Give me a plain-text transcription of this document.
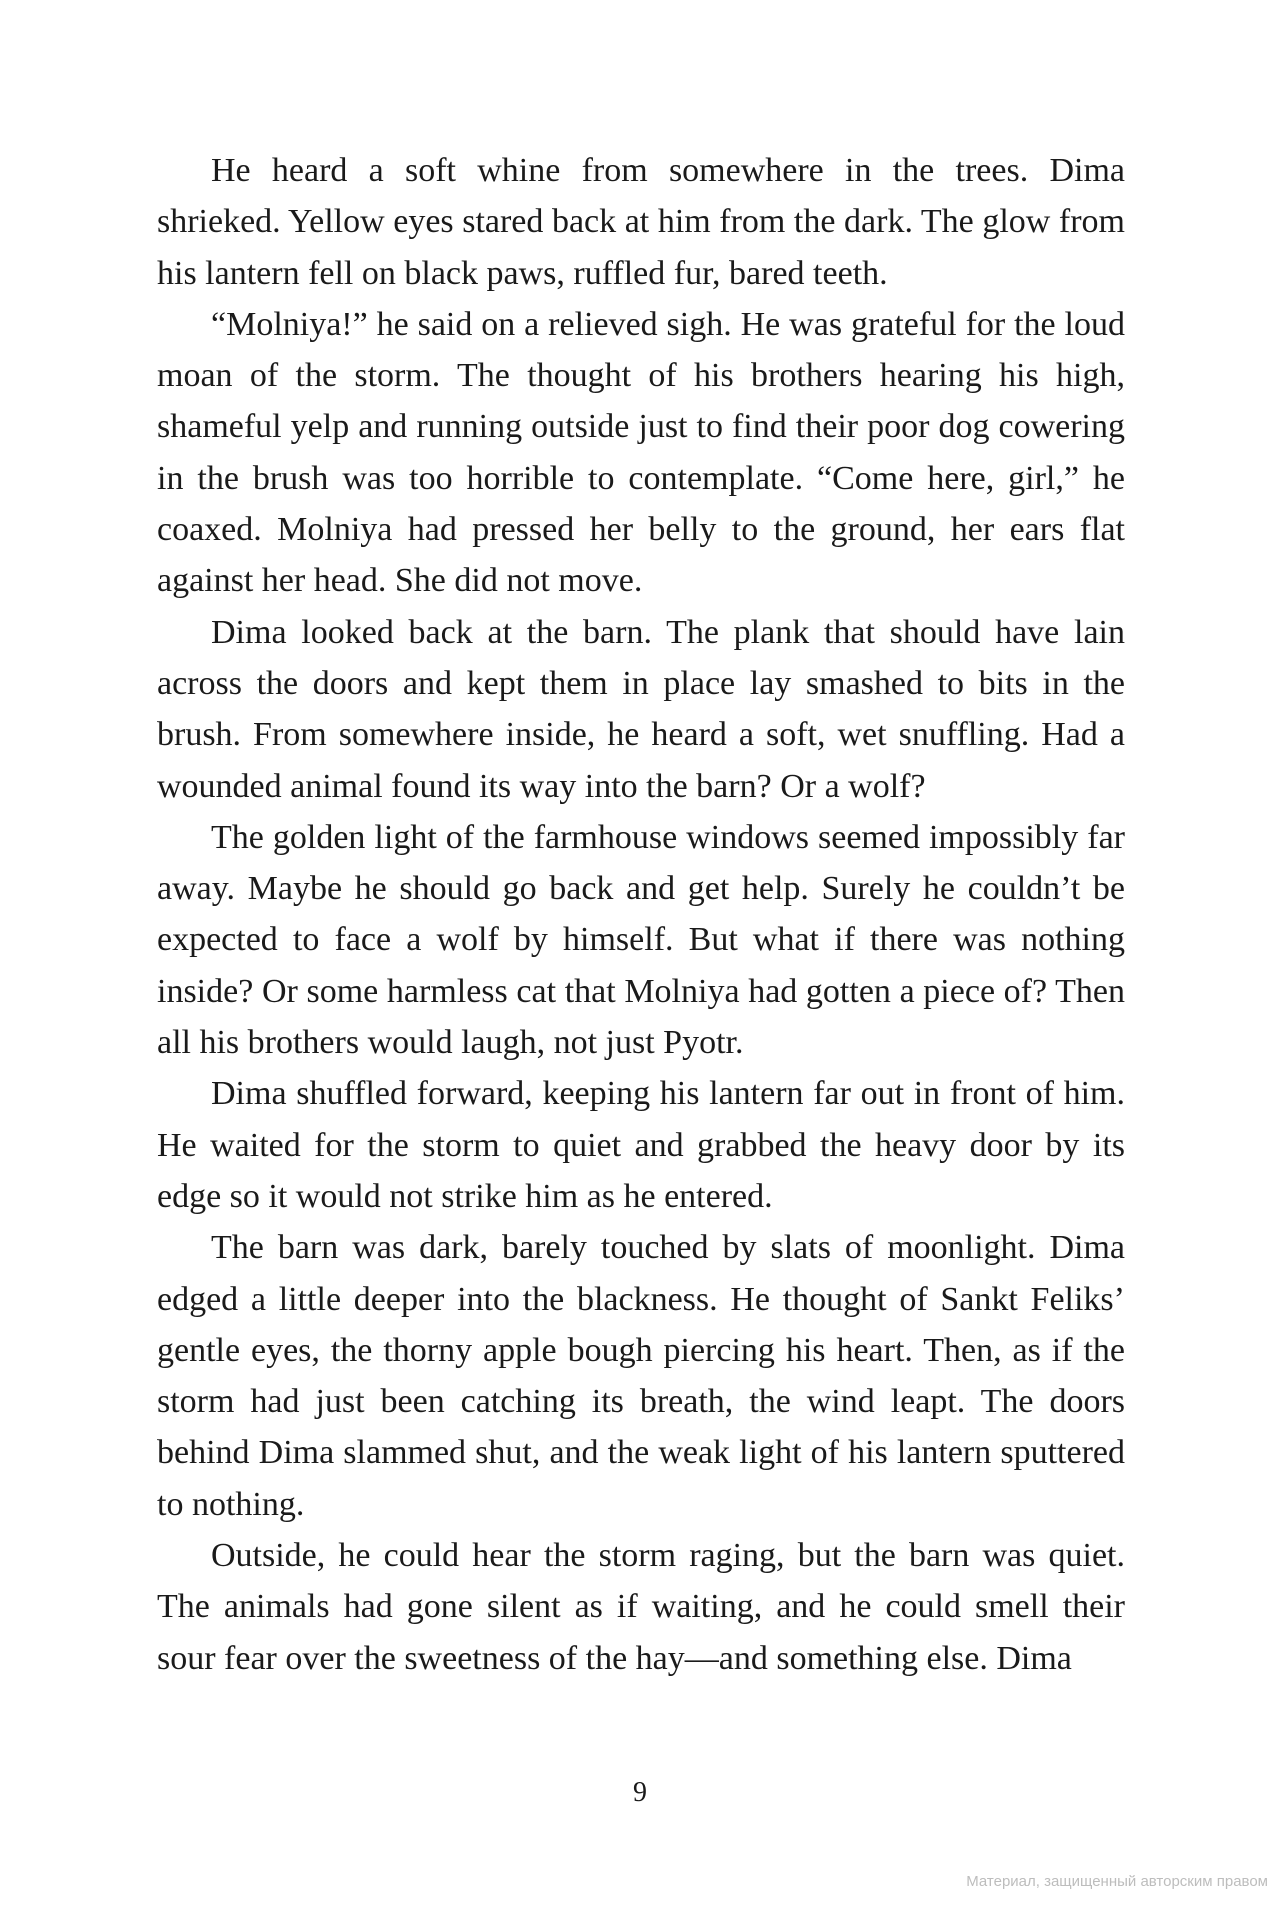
He heard a soft whine from somewhere in the trees. Dima shrieked. Yellow eyes stared back at him from the dark. The glow from his lantern fell on black paws, ruffled fur, bared teeth.

“Molniya!” he said on a relieved sigh. He was grateful for the loud moan of the storm. The thought of his brothers hearing his high, shameful yelp and running outside just to find their poor dog cowering in the brush was too horrible to contemplate. “Come here, girl,” he coaxed. Molniya had pressed her belly to the ground, her ears flat against her head. She did not move.

Dima looked back at the barn. The plank that should have lain across the doors and kept them in place lay smashed to bits in the brush. From somewhere inside, he heard a soft, wet snuffling. Had a wounded animal found its way into the barn? Or a wolf?

The golden light of the farmhouse windows seemed impossibly far away. Maybe he should go back and get help. Surely he couldn’t be expected to face a wolf by himself. But what if there was nothing inside? Or some harmless cat that Molniya had gotten a piece of? Then all his brothers would laugh, not just Pyotr.

Dima shuffled forward, keeping his lantern far out in front of him. He waited for the storm to quiet and grabbed the heavy door by its edge so it would not strike him as he entered.

The barn was dark, barely touched by slats of moonlight. Dima edged a little deeper into the blackness. He thought of Sankt Feliks’ gentle eyes, the thorny apple bough piercing his heart. Then, as if the storm had just been catching its breath, the wind leapt. The doors behind Dima slammed shut, and the weak light of his lantern sputtered to nothing.

Outside, he could hear the storm raging, but the barn was quiet. The animals had gone silent as if waiting, and he could smell their sour fear over the sweetness of the hay—and something else. Dima

9
Материал, защищенный авторским правом
